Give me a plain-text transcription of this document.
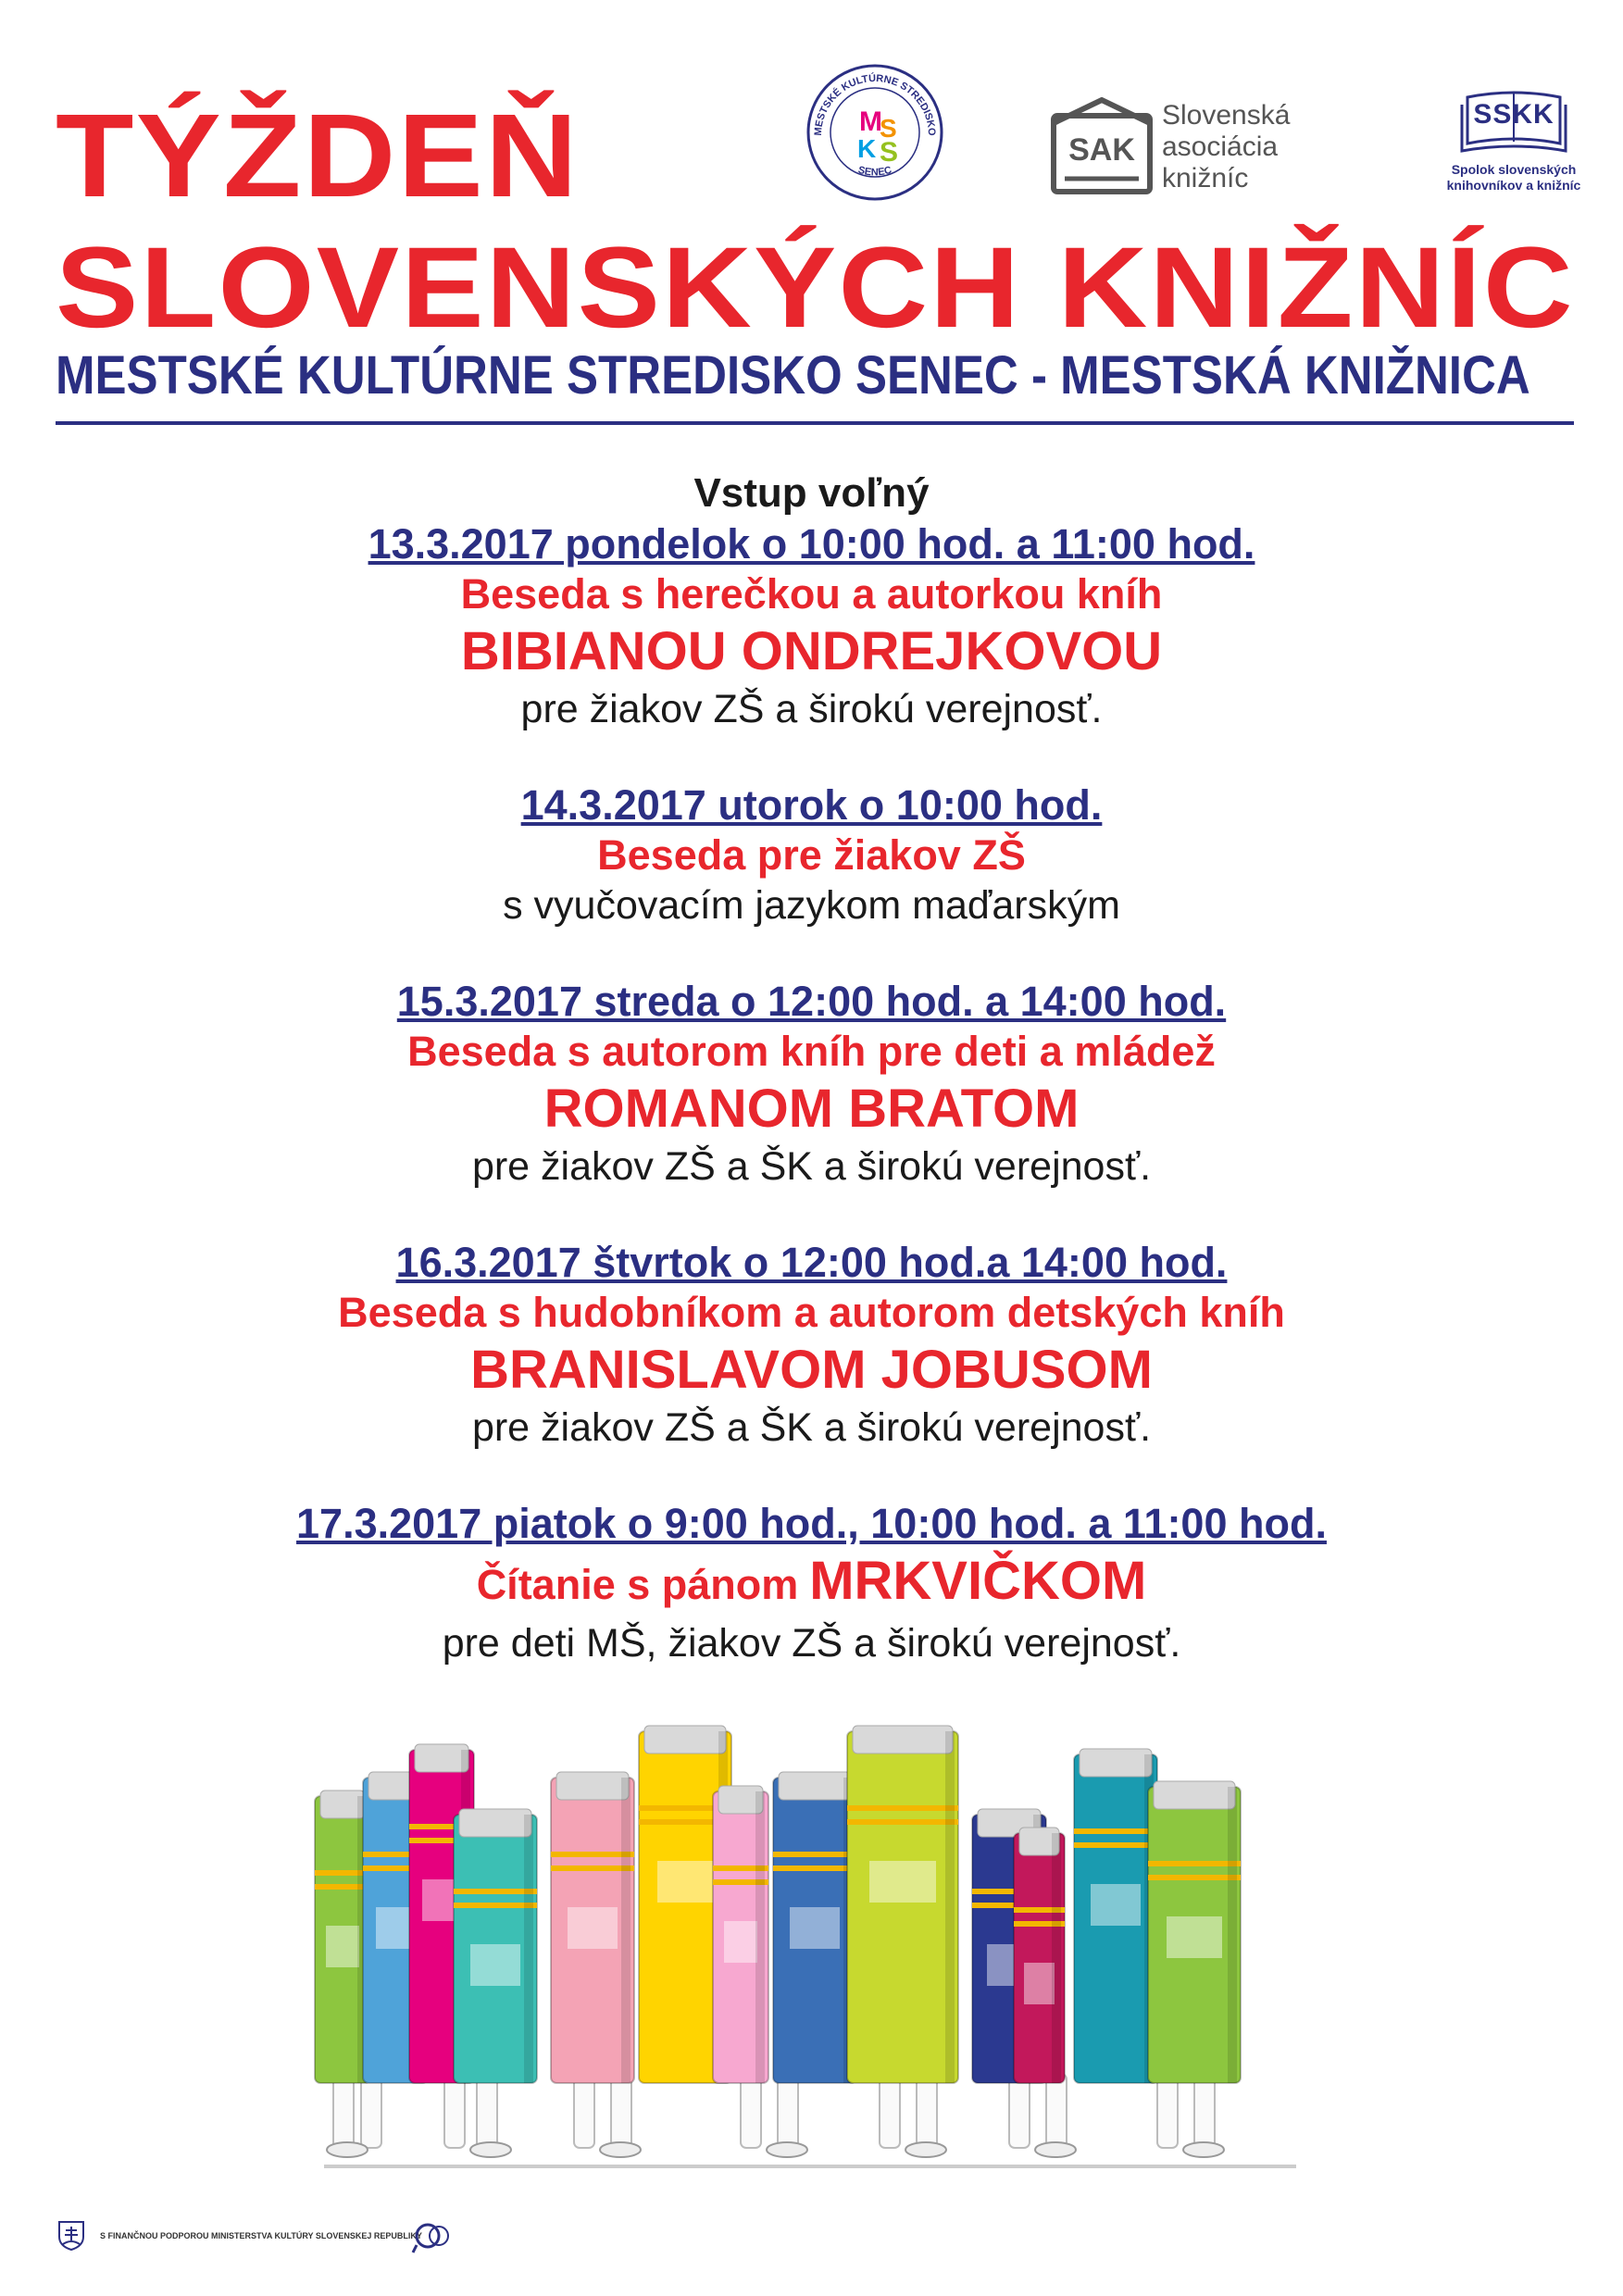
TÝŽDEŇ
SLOVENSKÝCH KNIŽNÍC
MESTSKÉ KULTÚRNE STREDISKO SENEC - MESTSKÁ KNIŽNICA
MESTSKÉ KULTÚRNE STREDISKO
SENEC
M
S
K S	SAK
Slovenská
asociácia
knižníc
SSKK
Spolok slovenských
knihovníkov a knižníc
Vstup voľný
13.3.2017 pondelok o 10:00 hod. a 11:00 hod.
Beseda s herečkou a autorkou kníh
BIBIANOU ONDREJKOVOU
pre žiakov ZŠ a širokú verejnosť.
14.3.2017 utorok o 10:00 hod.
Beseda pre žiakov ZŠ
s vyučovacím jazykom maďarským
15.3.2017 streda o 12:00 hod. a 14:00 hod.
Beseda s autorom kníh pre deti a mládež
ROMANOM BRATOM
pre žiakov ZŠ a ŠK a širokú verejnosť.
16.3.2017 štvrtok o 12:00 hod.a 14:00 hod.
Beseda s hudobníkom a autorom detských kníh
BRANISLAVOM JOBUSOM
pre žiakov ZŠ a ŠK a širokú verejnosť.
17.3.2017 piatok o 9:00 hod., 10:00 hod. a 11:00 hod.
Čítanie s pánom MRKVIČKOM
pre deti MŠ, žiakov ZŠ a širokú verejnosť.
S FINANČNOU PODPOROU MINISTERSTVA KULTÚRY SLOVENSKEJ REPUBLIKY
